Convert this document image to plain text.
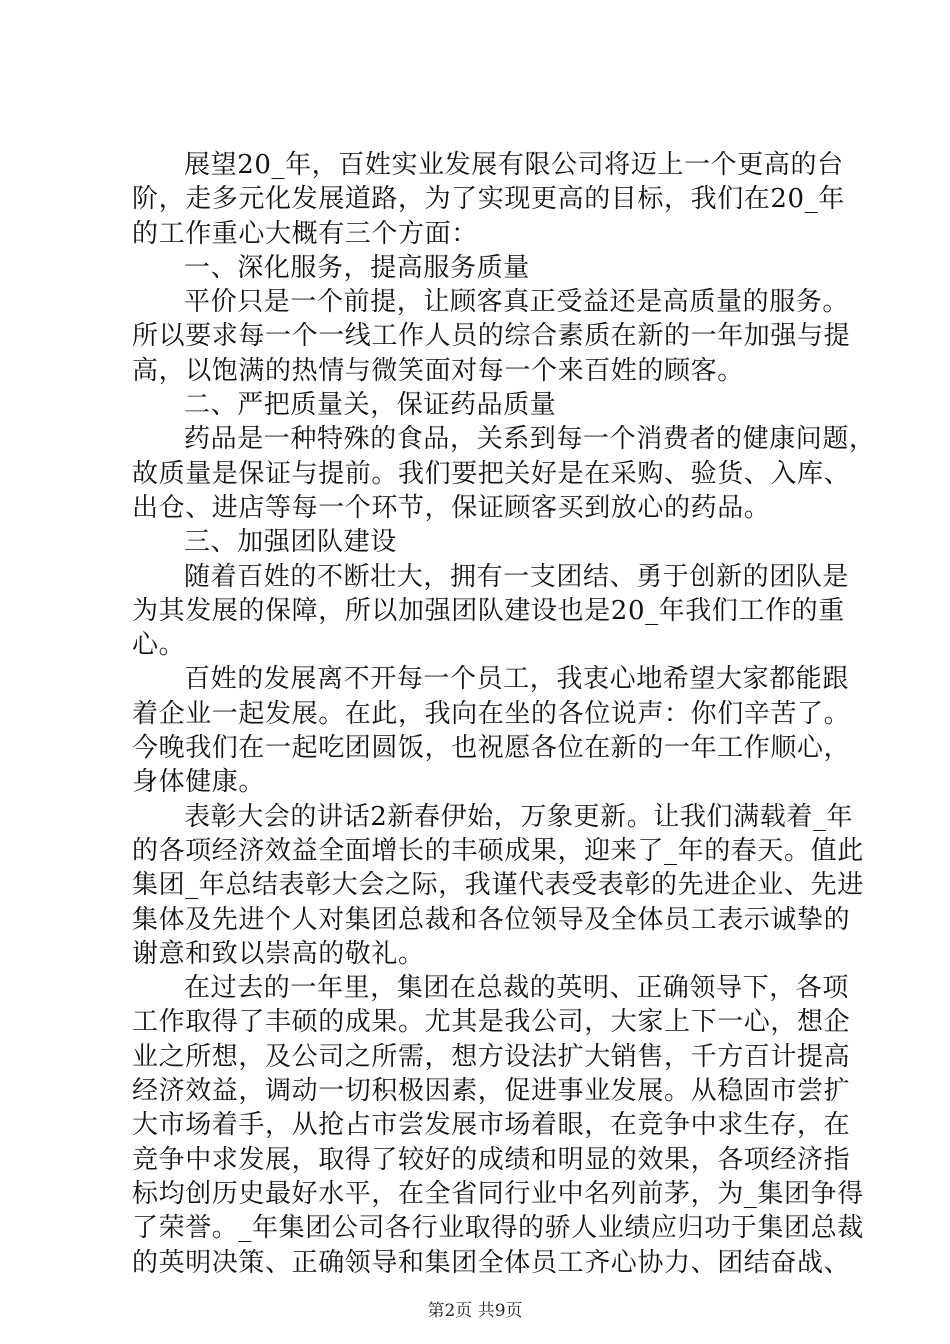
展望20_年，百姓实业发展有限公司将迈上一个更高的台
阶，走多元化发展道路，为了实现更高的目标，我们在20_年
的工作重心大概有三个方面：
一、深化服务，提高服务质量
平价只是一个前提，让顾客真正受益还是高质量的服务。
所以要求每一个一线工作人员的综合素质在新的一年加强与提
高，以饱满的热情与微笑面对每一个来百姓的顾客。
二、严把质量关，保证药品质量
药品是一种特殊的食品，关系到每一个消费者的健康问题，
故质量是保证与提前。我们要把关好是在采购、验货、入库、
出仓、进店等每一个环节，保证顾客买到放心的药品。
三、加强团队建设
随着百姓的不断壮大，拥有一支团结、勇于创新的团队是
为其发展的保障，所以加强团队建设也是20_年我们工作的重
心。
百姓的发展离不开每一个员工，我衷心地希望大家都能跟
着企业一起发展。在此，我向在坐的各位说声：你们辛苦了。
今晚我们在一起吃团圆饭，也祝愿各位在新的一年工作顺心，
身体健康。
表彰大会的讲话2新春伊始，万象更新。让我们满载着_年
的各项经济效益全面增长的丰硕成果，迎来了_年的春天。值此
集团_年总结表彰大会之际，我谨代表受表彰的先进企业、先进
集体及先进个人对集团总裁和各位领导及全体员工表示诚挚的
谢意和致以崇高的敬礼。
在过去的一年里，集团在总裁的英明、正确领导下，各项
工作取得了丰硕的成果。尤其是我公司，大家上下一心，想企
业之所想，及公司之所需，想方设法扩大销售，千方百计提高
经济效益，调动一切积极因素，促进事业发展。从稳固市尝扩
大市场着手，从抢占市尝发展市场着眼，在竞争中求生存，在
竞争中求发展，取得了较好的成绩和明显的效果，各项经济指
标均创历史最好水平，在全省同行业中名列前茅，为_集团争得
了荣誉。_年集团公司各行业取得的骄人业绩应归功于集团总裁
的英明决策、正确领导和集团全体员工齐心协力、团结奋战、
第2页 共9页
